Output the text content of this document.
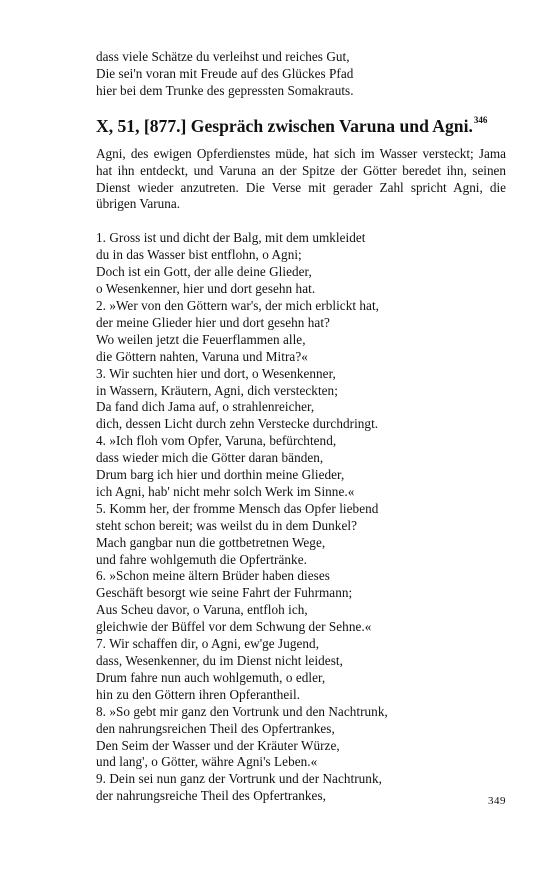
dass viele Schätze du verleihst und reiches Gut,
Die sei'n voran mit Freude auf des Glückes Pfad
hier bei dem Trunke des gepressten Somakrauts.
X, 51, [877.] Gespräch zwischen Varuna und Agni.$^{346}$
Agni, des ewigen Opferdienstes müde, hat sich im Wasser versteckt; Jama hat ihn entdeckt, und Varuna an der Spitze der Götter beredet ihn, seinen Dienst wieder anzutreten. Die Verse mit gerader Zahl spricht Agni, die übrigen Varuna.
1. Gross ist und dicht der Balg, mit dem umkleidet
du in das Wasser bist entflohn, o Agni;
Doch ist ein Gott, der alle deine Glieder,
o Wesenkenner, hier und dort gesehn hat.
2. »Wer von den Göttern war's, der mich erblickt hat,
der meine Glieder hier und dort gesehn hat?
Wo weilen jetzt die Feuerflammen alle,
die Göttern nahten, Varuna und Mitra?«
3. Wir suchten hier und dort, o Wesenkenner,
in Wassern, Kräutern, Agni, dich versteckten;
Da fand dich Jama auf, o strahlenreicher,
dich, dessen Licht durch zehn Verstecke durchdringt.
4. »Ich floh vom Opfer, Varuna, befürchtend,
dass wieder mich die Götter daran bänden,
Drum barg ich hier und dorthin meine Glieder,
ich Agni, hab' nicht mehr solch Werk im Sinne.«
5. Komm her, der fromme Mensch das Opfer liebend
steht schon bereit; was weilst du in dem Dunkel?
Mach gangbar nun die gottbetretnen Wege,
und fahre wohlgemuth die Opfertränke.
6. »Schon meine ältern Brüder haben dieses
Geschäft besorgt wie seine Fahrt der Fuhrmann;
Aus Scheu davor, o Varuna, entfloh ich,
gleichwie der Büffel vor dem Schwung der Sehne.«
7. Wir schaffen dir, o Agni, ew'ge Jugend,
dass, Wesenkenner, du im Dienst nicht leidest,
Drum fahre nun auch wohlgemuth, o edler,
hin zu den Göttern ihren Opferantheil.
8. »So gebt mir ganz den Vortrunk und den Nachtrunk,
den nahrungsreichen Theil des Opfertrankes,
Den Seim der Wasser und der Kräuter Würze,
und lang', o Götter, währe Agni's Leben.«
9. Dein sei nun ganz der Vortrunk und der Nachtrunk,
der nahrungsreiche Theil des Opfertrankes,	349
